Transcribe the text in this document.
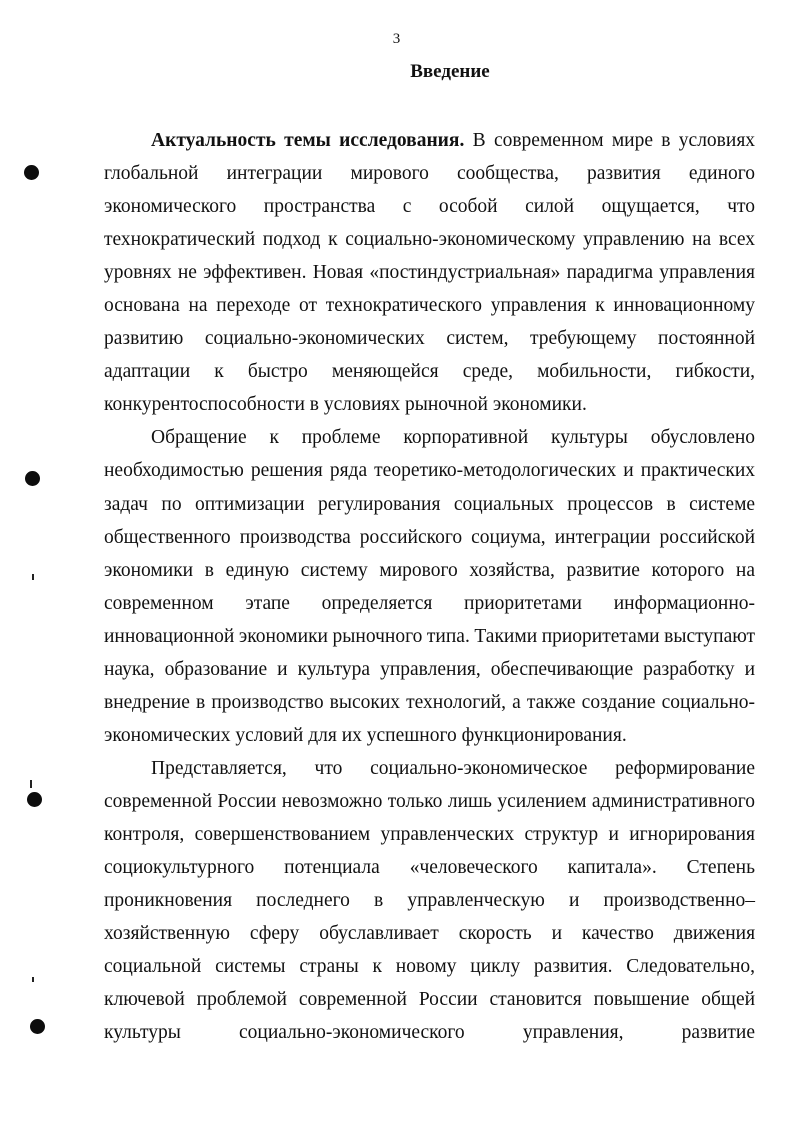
3
Введение
Актуальность темы исследования. В современном мире в условиях
глобальной интеграции мирового сообщества, развития единого
экономического пространства с особой силой ощущается, что
технократический подход к социально-экономическому управлению на всех
уровнях не эффективен. Новая «постиндустриальная» парадигма управления
основана на переходе от технократического управления к инновационному
развитию социально-экономических систем, требующему постоянной
адаптации к быстро меняющейся среде, мобильности, гибкости,
конкурентоспособности в условиях рыночной экономики.
Обращение к проблеме корпоративной культуры обусловлено
необходимостью решения ряда теоретико-методологических и практических
задач по оптимизации регулирования социальных процессов в системе
общественного производства российского социума, интеграции российской
экономики в единую систему мирового хозяйства, развитие которого на
современном этапе определяется приоритетами информационно-
инновационной экономики рыночного типа. Такими приоритетами выступают
наука, образование и культура управления, обеспечивающие разработку и
внедрение в производство высоких технологий, а также создание социально-
экономических условий для их успешного функционирования.
Представляется, что социально-экономическое реформирование
современной России невозможно только лишь усилением административного
контроля, совершенствованием управленческих структур и игнорирования
социокультурного потенциала «человеческого капитала». Степень
проникновения последнего в управленческую и производственно–
хозяйственную сферу обуславливает скорость и качество движения
социальной системы страны к новому циклу развития. Следовательно,
ключевой проблемой современной России становится повышение общей
культуры	социально-экономического	управления,	развитие
